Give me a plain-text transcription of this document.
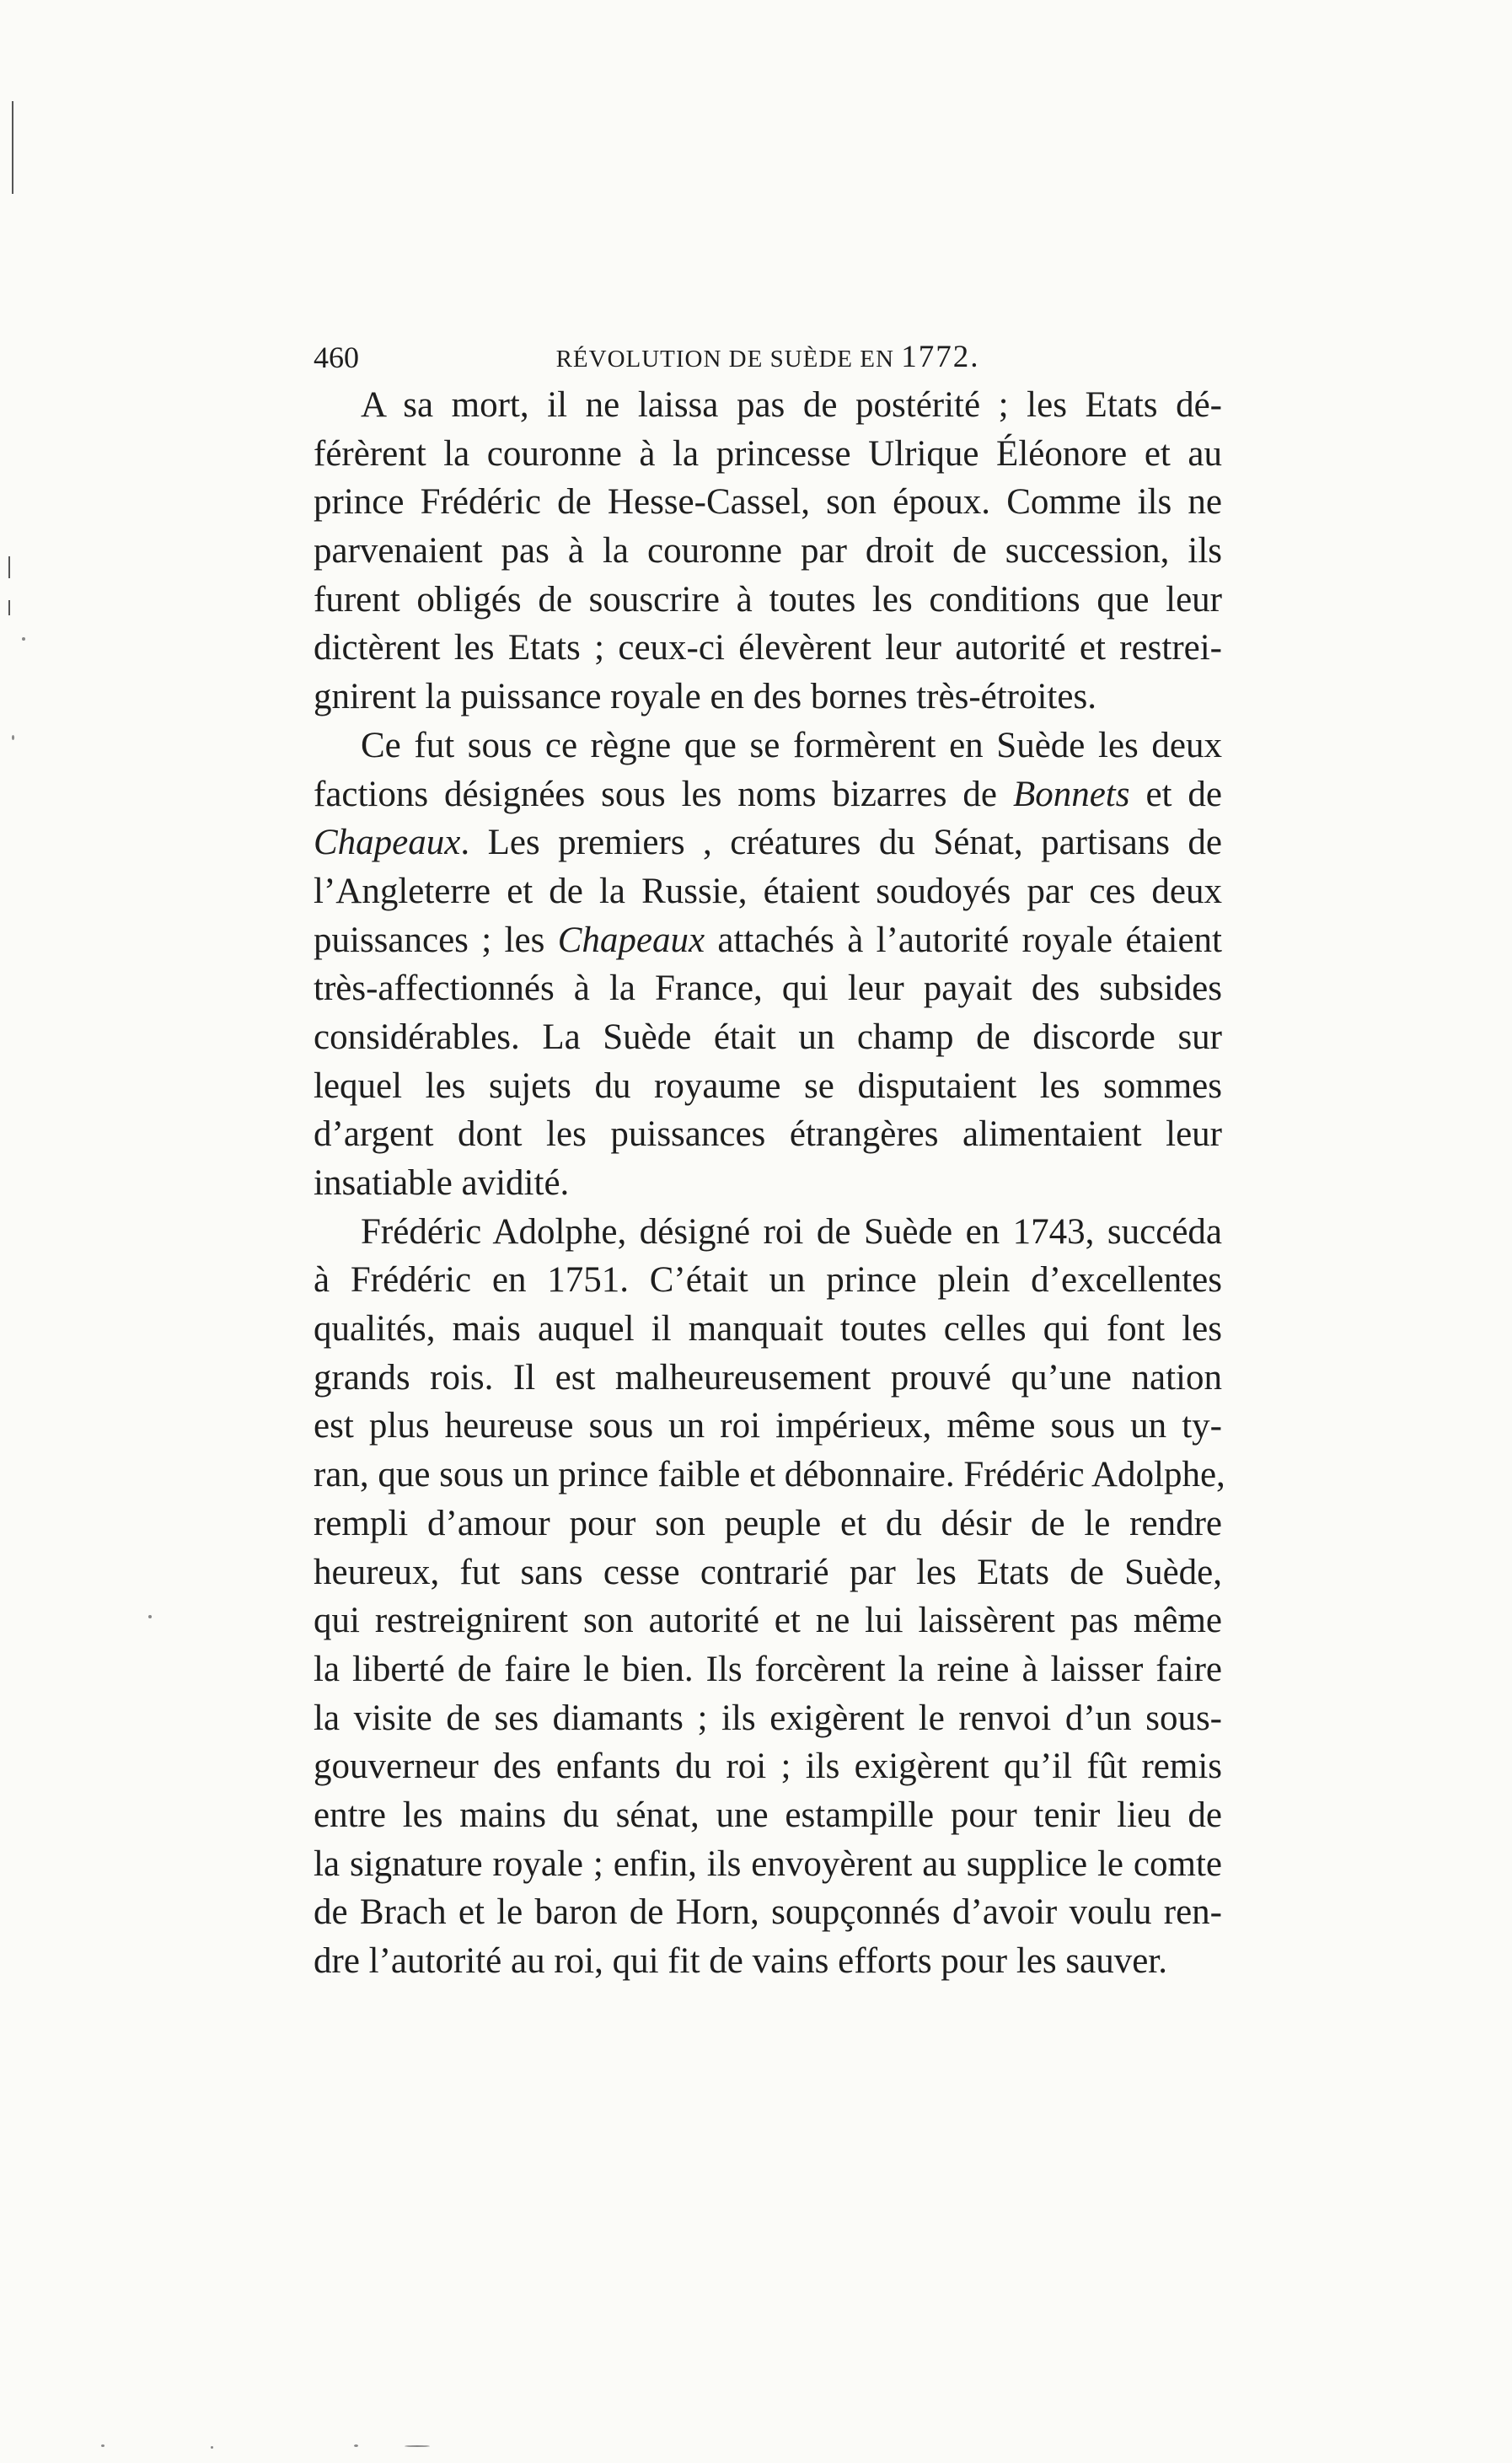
460	RÉVOLUTION DE SUÈDE EN 1772.
A sa mort, il ne laissa pas de postérité ; les Etats dé-
férèrent la couronne à la princesse Ulrique Éléonore et au
prince Frédéric de Hesse-Cassel, son époux. Comme ils ne
parvenaient pas à la couronne par droit de succession, ils
furent obligés de souscrire à toutes les conditions que leur
dictèrent les Etats ; ceux-ci élevèrent leur autorité et restrei-
gnirent la puissance royale en des bornes très-étroites.
Ce fut sous ce règne que se formèrent en Suède les deux
factions désignées sous les noms bizarres de Bonnets et de
Chapeaux. Les premiers , créatures du Sénat, partisans de
l’Angleterre et de la Russie, étaient soudoyés par ces deux
puissances ; les Chapeaux attachés à l’autorité royale étaient
très-affectionnés à la France, qui leur payait des subsides
considérables. La Suède était un champ de discorde sur
lequel les sujets du royaume se disputaient les sommes
d’argent dont les puissances étrangères alimentaient leur
insatiable avidité.
Frédéric Adolphe, désigné roi de Suède en 1743, succéda
à Frédéric en 1751. C’était un prince plein d’excellentes
qualités, mais auquel il manquait toutes celles qui font les
grands rois. Il est malheureusement prouvé qu’une nation
est plus heureuse sous un roi impérieux, même sous un ty-
ran, que sous un prince faible et débonnaire. Frédéric Adolphe,
rempli d’amour pour son peuple et du désir de le rendre
heureux, fut sans cesse contrarié par les Etats de Suède,
qui restreignirent son autorité et ne lui laissèrent pas même
la liberté de faire le bien. Ils forcèrent la reine à laisser faire
la visite de ses diamants ; ils exigèrent le renvoi d’un sous-
gouverneur des enfants du roi ; ils exigèrent qu’il fût remis
entre les mains du sénat, une estampille pour tenir lieu de
la signature royale ; enfin, ils envoyèrent au supplice le comte
de Brach et le baron de Horn, soupçonnés d’avoir voulu ren-
dre l’autorité au roi, qui fit de vains efforts pour les sauver.
